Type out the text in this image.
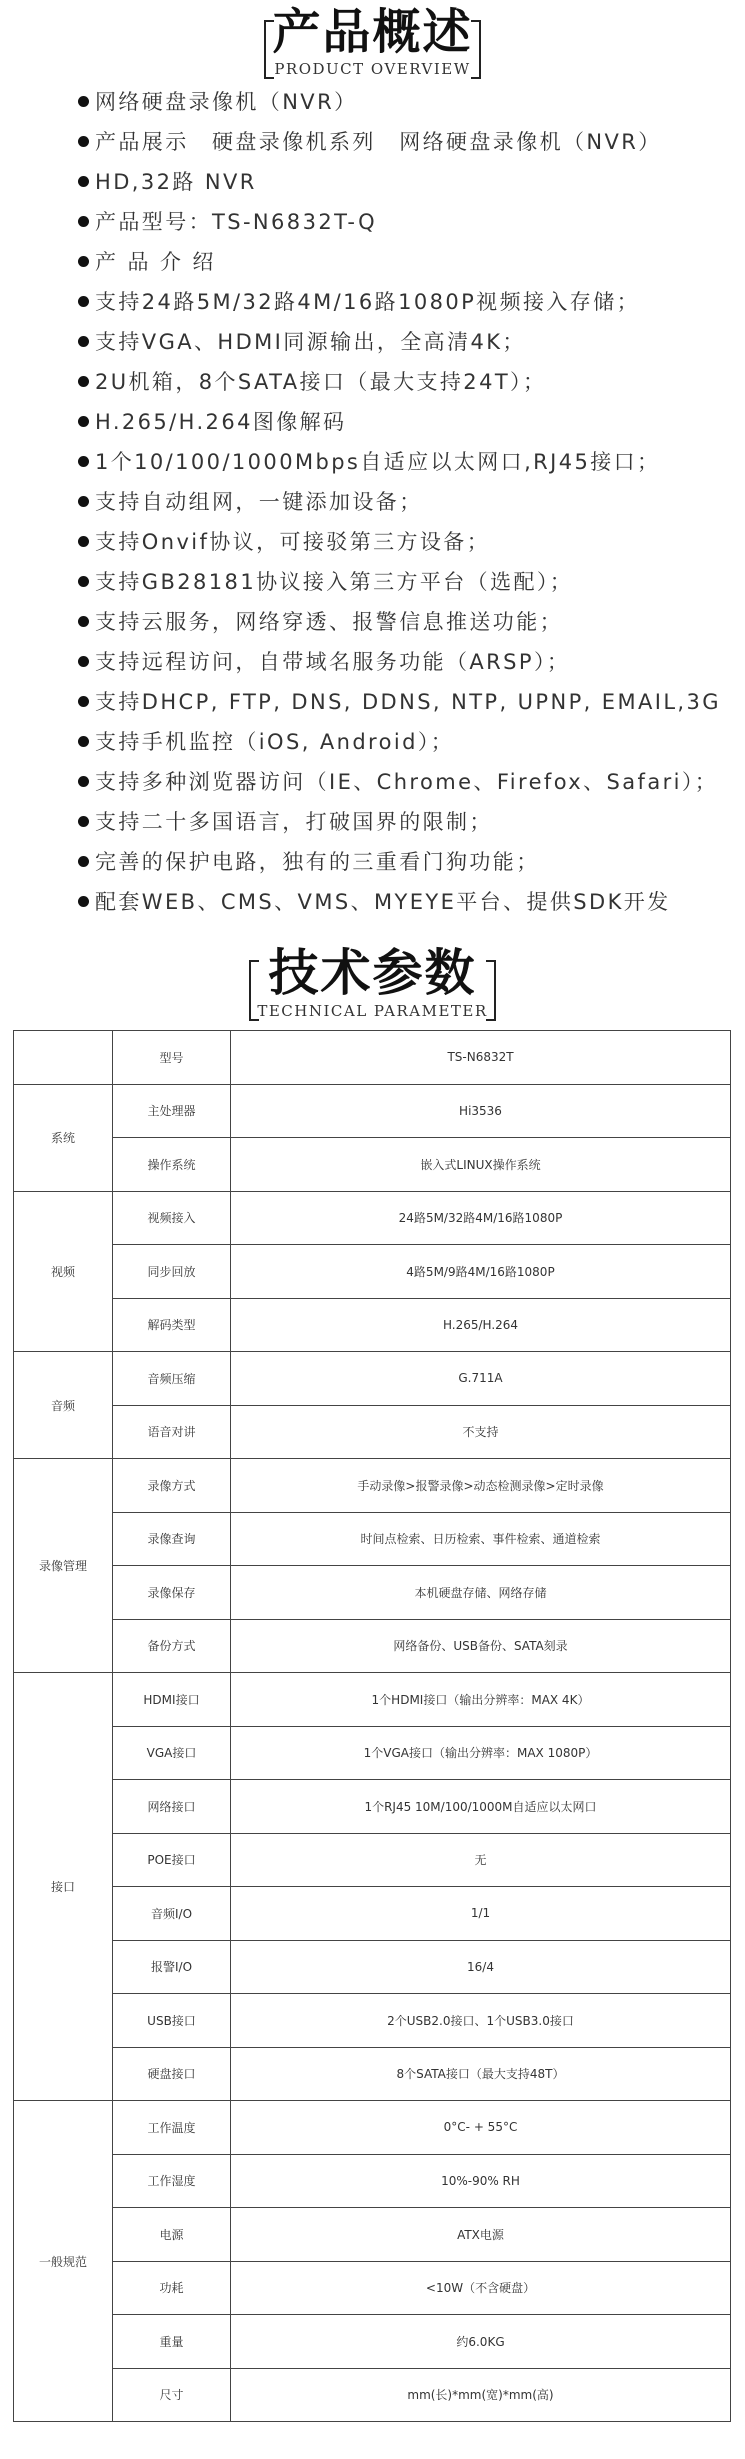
产品概述
PRODUCT OVERVIEW
网络硬盘录像机（NVR）
产品展示　硬盘录像机系列　网络硬盘录像机（NVR）
HD,32路 NVR
产品型号：TS-N6832T-Q
产 品 介 绍
支持24路5M/32路4M/16路1080P视频接入存储；
支持VGA、HDMI同源输出，全高清4K；
2U机箱，8个SATA接口（最大支持24T）；
H.265/H.264图像解码
1个10/100/1000Mbps自适应以太网口,RJ45接口；
支持自动组网，一键添加设备；
支持Onvif协议，可接驳第三方设备；
支持GB28181协议接入第三方平台（选配）；
支持云服务，网络穿透、报警信息推送功能；
支持远程访问，自带域名服务功能（ARSP）；
支持DHCP, FTP, DNS, DDNS, NTP, UPNP, EMAIL,3G
支持手机监控（iOS, Android）；
支持多种浏览器访问（IE、Chrome、Firefox、Safari）；
支持二十多国语言，打破国界的限制；
完善的保护电路，独有的三重看门狗功能；
配套WEB、CMS、VMS、MYEYE平台、提供SDK开发
技术参数
TECHNICAL PARAMETER
	型号	TS-N6832T
系统	主处理器	Hi3536
	操作系统	嵌入式LINUX操作系统
视频	视频接入	24路5M/32路4M/16路1080P
	同步回放	4路5M/9路4M/16路1080P
	解码类型	H.265/H.264
音频	音频压缩	G.711A
	语音对讲	不支持
录像管理	录像方式	手动录像>报警录像>动态检测录像>定时录像
	录像查询	时间点检索、日历检索、事件检索、通道检索
	录像保存	本机硬盘存储、网络存储
	备份方式	网络备份、USB备份、SATA刻录
接口	HDMI接口	1个HDMI接口（输出分辨率：MAX 4K）
	VGA接口	1个VGA接口（输出分辨率：MAX 1080P）
	网络接口	1个RJ45 10M/100/1000M自适应以太网口
	POE接口	无
	音频I/O	1/1
	报警I/O	16/4
	USB接口	2个USB2.0接口、1个USB3.0接口
	硬盘接口	8个SATA接口（最大支持48T）
一般规范	工作温度	0°C- + 55°C
	工作湿度	10%-90% RH
	电源	ATX电源
	功耗	<10W（不含硬盘）
	重量	约6.0KG
	尺寸	mm(长)*mm(宽)*mm(高)
